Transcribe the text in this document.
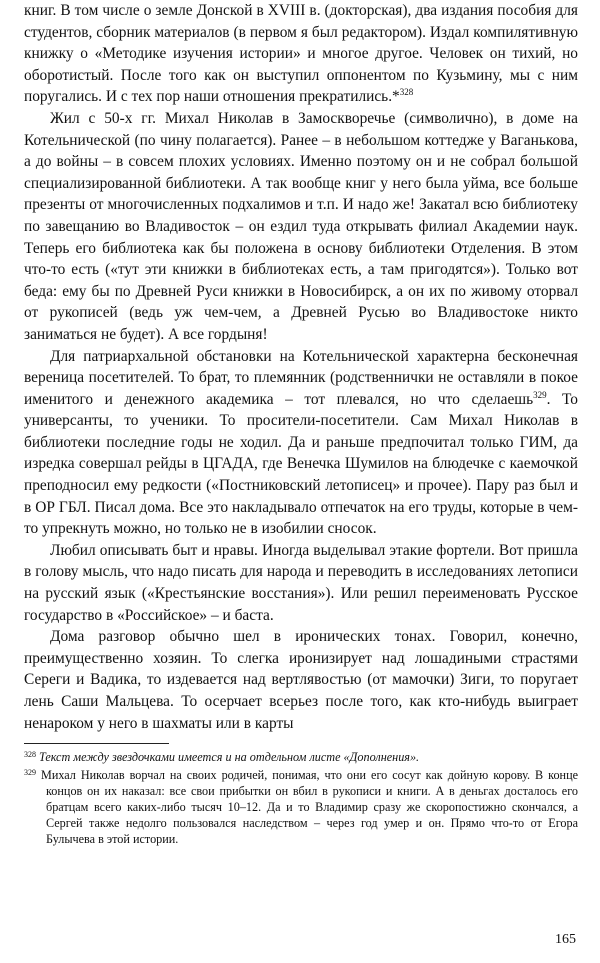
книг. В том числе о земле Донской в XVIII в. (докторская), два издания пособия для студентов, сборник материалов (в первом я был редактором). Издал компилятивную книжку о «Методике изучения истории» и многое другое. Человек он тихий, но оборотистый. После того как он выступил оппонентом по Кузьмину, мы с ним поругались. И с тех пор наши отношения прекратились.*$^{328}$

Жил с 50-х гг. Михал Николав в Замоскворечье (символично), в доме на Котельнической (по чину полагается). Ранее – в небольшом коттедже у Ваганькова, а до войны – в совсем плохих условиях. Именно поэтому он и не собрал большой специализированной библиотеки. А так вообще книг у него была уйма, все больше презенты от многочисленных подхалимов и т.п. И надо же! Закатал всю библиотеку по завещанию во Владивосток – он ездил туда открывать филиал Академии наук. Теперь его библиотека как бы положена в основу библиотеки Отделения. В этом что-то есть («тут эти книжки в библиотеках есть, а там пригодятся»). Только вот беда: ему бы по Древней Руси книжки в Новосибирск, а он их по живому оторвал от рукописей (ведь уж чем-чем, а Древней Русью во Владивостоке никто заниматься не будет). А все гордыня!

Для патриархальной обстановки на Котельнической характерна бесконечная вереница посетителей. То брат, то племянник (родственнички не оставляли в покое именитого и денежного академика – тот плевался, но что сделаешь$^{329}$. То универсанты, то ученики. То просители-посетители. Сам Михал Николав в библиотеки последние годы не ходил. Да и раньше предпочитал только ГИМ, да изредка совершал рейды в ЦГАДА, где Венечка Шумилов на блюдечке с каемочкой преподносил ему редкости («Постниковский летописец» и прочее). Пару раз был и в ОР ГБЛ. Писал дома. Все это накладывало отпечаток на его труды, которые в чем-то упрекнуть можно, но только не в изобилии сносок.

Любил описывать быт и нравы. Иногда выделывал этакие фортели. Вот пришла в голову мысль, что надо писать для народа и переводить в исследованиях летописи на русский язык («Крестьянские восстания»). Или решил переименовать Русское государство в «Российское» – и баста.

Дома разговор обычно шел в иронических тонах. Говорил, конечно, преимущественно хозяин. То слегка иронизирует над лошадиными страстями Сереги и Вадика, то издевается над вертлявостью (от мамочки) Зиги, то поругает лень Саши Мальцева. То осерчает всерьез после того, как кто-нибудь выиграет ненароком у него в шахматы или в карты

$^{328}$ Текст между звездочками имеется и на отдельном листе «Дополнения».

$^{329}$ Михал Николав ворчал на своих родичей, понимая, что они его сосут как дойную корову. В конце концов он их наказал: все свои прибытки он вбил в рукописи и книги. А в деньгах досталось его братцам всего каких-либо тысяч 10–12. Да и то Владимир сразу же скоропостижно скончался, а Сергей также недолго пользовался наследством – через год умер и он. Прямо что-то от Егора Булычева в этой истории.

165
